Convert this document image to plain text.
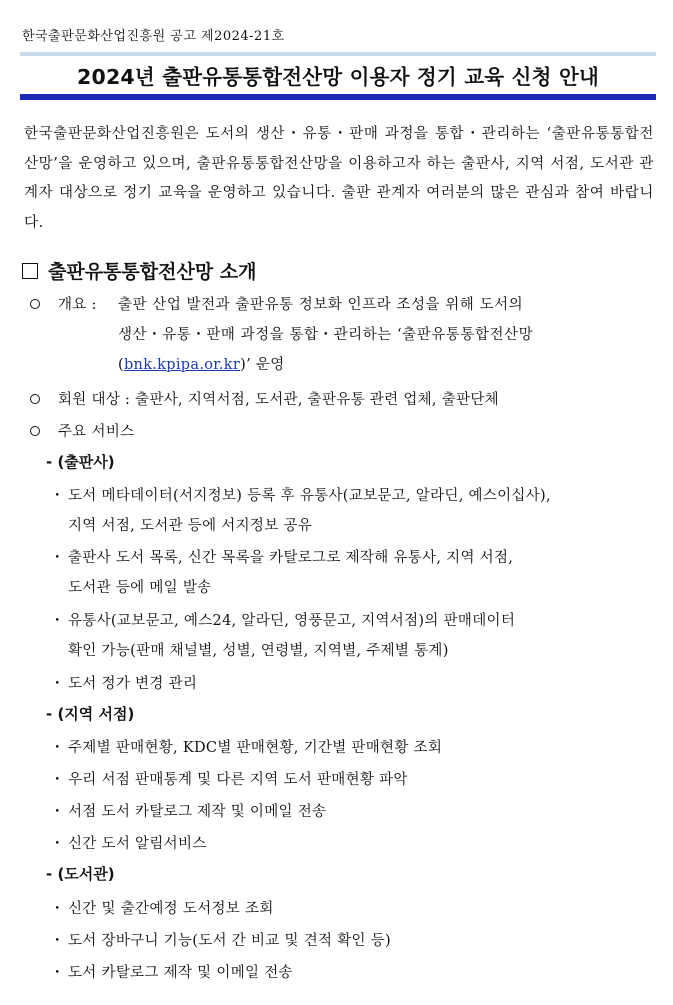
한국출판문화산업진흥원 공고 제2024-21호
2024년 출판유통통합전산망 이용자 정기 교육 신청 안내
한국출판문화산업진흥원은 도서의 생산・유통・판매 과정을 통합・관리하는 ‘출판유통통합전산망’을 운영하고 있으며, 출판유통통합전산망을 이용하고자 하는 출판사, 지역 서점, 도서관 관계자 대상으로 정기 교육을 운영하고 있습니다. 출판 관계자 여러분의 많은 관심과 참여 바랍니다.
출판유통통합전산망 소개
개요 : 출판 산업 발전과 출판유통 정보화 인프라 조성을 위해 도서의
생산・유통・판매 과정을 통합・관리하는 ‘출판유통통합전산망
(bnk.kpipa.or.kr)’ 운영
회원 대상 : 출판사, 지역서점, 도서관, 출판유통 관련 업체, 출판단체
주요 서비스
- (출판사)
・ 도서 메타데이터(서지정보) 등록 후 유통사(교보문고, 알라딘, 예스이십사),
지역 서점, 도서관 등에 서지정보 공유
・ 출판사 도서 목록, 신간 목록을 카탈로그로 제작해 유통사, 지역 서점,
도서관 등에 메일 발송
・ 유통사(교보문고, 예스24, 알라딘, 영풍문고, 지역서점)의 판매데이터
확인 가능(판매 채널별, 성별, 연령별, 지역별, 주제별 통계)
・ 도서 정가 변경 관리
- (지역 서점)
・ 주제별 판매현황, KDC별 판매현황, 기간별 판매현황 조회
・ 우리 서점 판매통계 및 다른 지역 도서 판매현황 파악
・ 서점 도서 카탈로그 제작 및 이메일 전송
・ 신간 도서 알림서비스
- (도서관)
・ 신간 및 출간예정 도서정보 조회
・ 도서 장바구니 기능(도서 간 비교 및 견적 확인 등)
・ 도서 카탈로그 제작 및 이메일 전송
